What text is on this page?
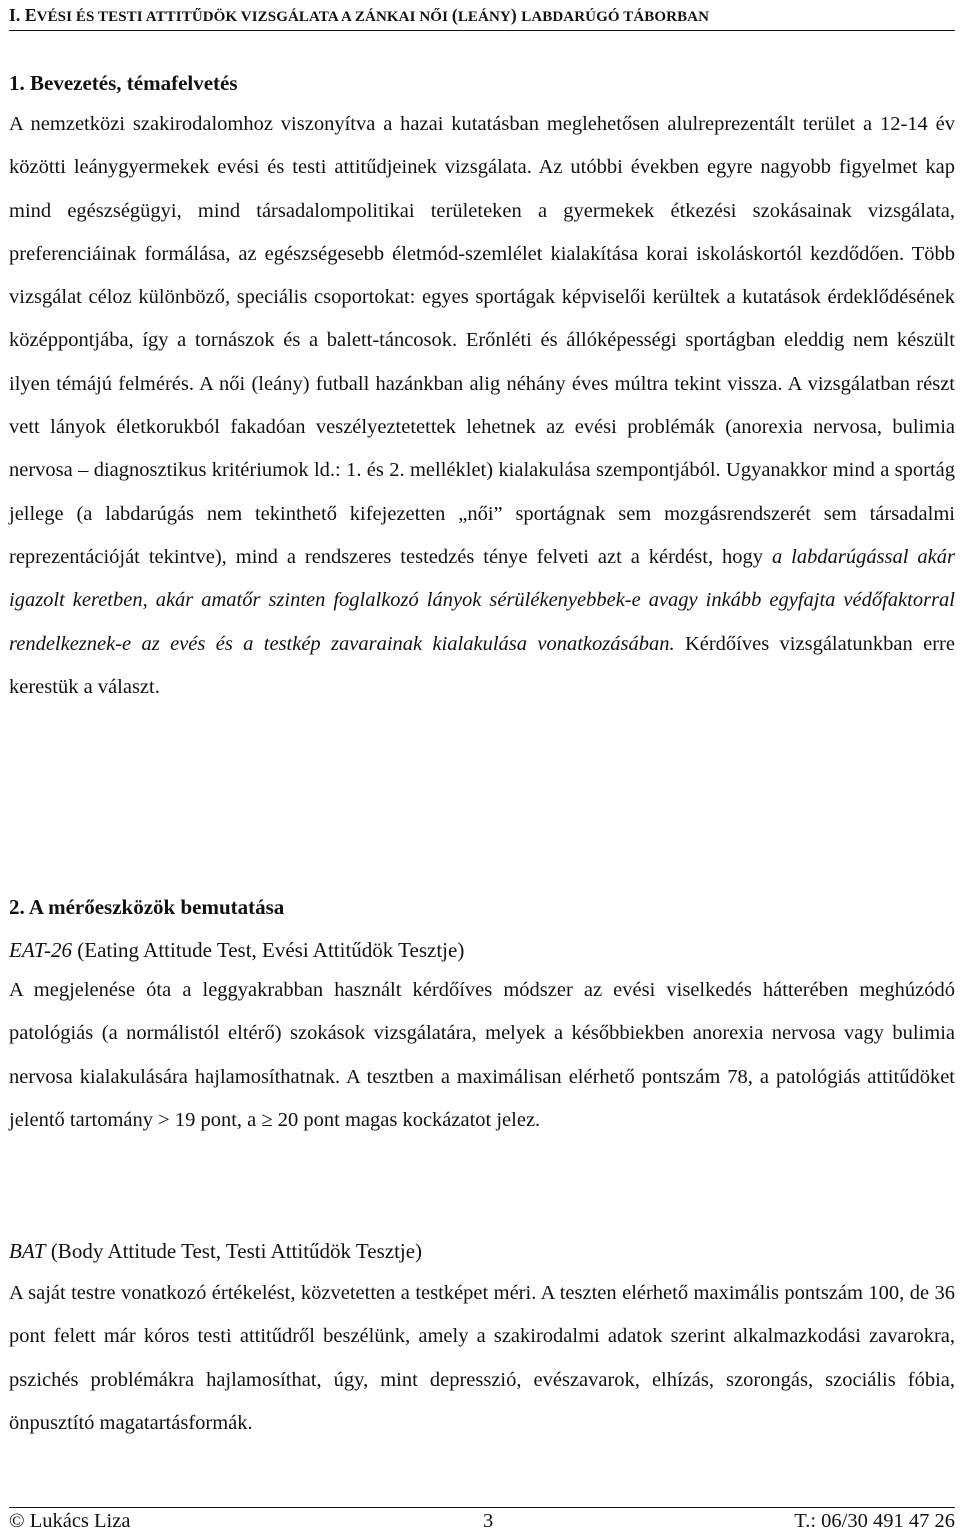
I. EVÉSI ÉS TESTI ATTITŰDÖK VIZSGÁLATA A ZÁNKAI NŐI (LEÁNY) LABDARÚGÓ TÁBORBAN
1. Bevezetés, témafelvetés

A nemzetközi szakirodalomhoz viszonyítva a hazai kutatásban meglehetősen alulreprezentált terület a 12-14 év közötti leánygyermekek evési és testi attitűdjeinek vizsgálata. Az utóbbi években egyre nagyobb figyelmet kap mind egészségügyi, mind társadalompolitikai területeken a gyermekek étkezési szokásainak vizsgálata, preferenciáinak formálása, az egészségesebb életmód-szemlélet kialakítása korai iskoláskortól kezdődően. Több vizsgálat céloz különböző, speciális csoportokat: egyes sportágak képviselői kerültek a kutatások érdeklődésének középpontjába, így a tornászok és a balett-táncosok. Erőnléti és állóképességi sportágban eleddig nem készült ilyen témájú felmérés. A női (leány) futball hazánkban alig néhány éves múltra tekint vissza. A vizsgálatban részt vett lányok életkorukból fakadóan veszélyeztetettek lehetnek az evési problémák (anorexia nervosa, bulimia nervosa – diagnosztikus kritériumok ld.: 1. és 2. melléklet) kialakulása szempontjából. Ugyanakkor mind a sportág jellege (a labdarúgás nem tekinthető kifejezetten „női” sportágnak sem mozgásrendszerét sem társadalmi reprezentációját tekintve), mind a rendszeres testedzés ténye felveti azt a kérdést, hogy a labdarúgással akár igazolt keretben, akár amatőr szinten foglalkozó lányok sérülékenyebbek-e avagy inkább egyfajta védőfaktorral rendelkeznek-e az evés és a testkép zavarainak kialakulása vonatkozásában. Kérdőíves vizsgálatunkban erre kerestük a választ.

2. A mérőeszközök bemutatása
EAT-26 (Eating Attitude Test, Evési Attitűdök Tesztje)

A megjelenése óta a leggyakrabban használt kérdőíves módszer az evési viselkedés hátterében meghúzódó patológiás (a normálistól eltérő) szokások vizsgálatára, melyek a későbbiekben anorexia nervosa vagy bulimia nervosa kialakulására hajlamosíthatnak. A tesztben a maximálisan elérhető pontszám 78, a patológiás attitűdöket jelentő tartomány > 19 pont, a ≥ 20 pont magas kockázatot jelez.

BAT (Body Attitude Test, Testi Attitűdök Tesztje)

A saját testre vonatkozó értékelést, közvetetten a testképet méri. A teszten elérhető maximális pontszám 100, de 36 pont felett már kóros testi attitűdről beszélünk, amely a szakirodalmi adatok szerint alkalmazkodási zavarokra, pszichés problémákra hajlamosíthat, úgy, mint depresszió, evészavarok, elhízás, szorongás, szociális fóbia, önpusztító magatartásformák.

© Lukács Liza	3	T.: 06/30 491 47 26
